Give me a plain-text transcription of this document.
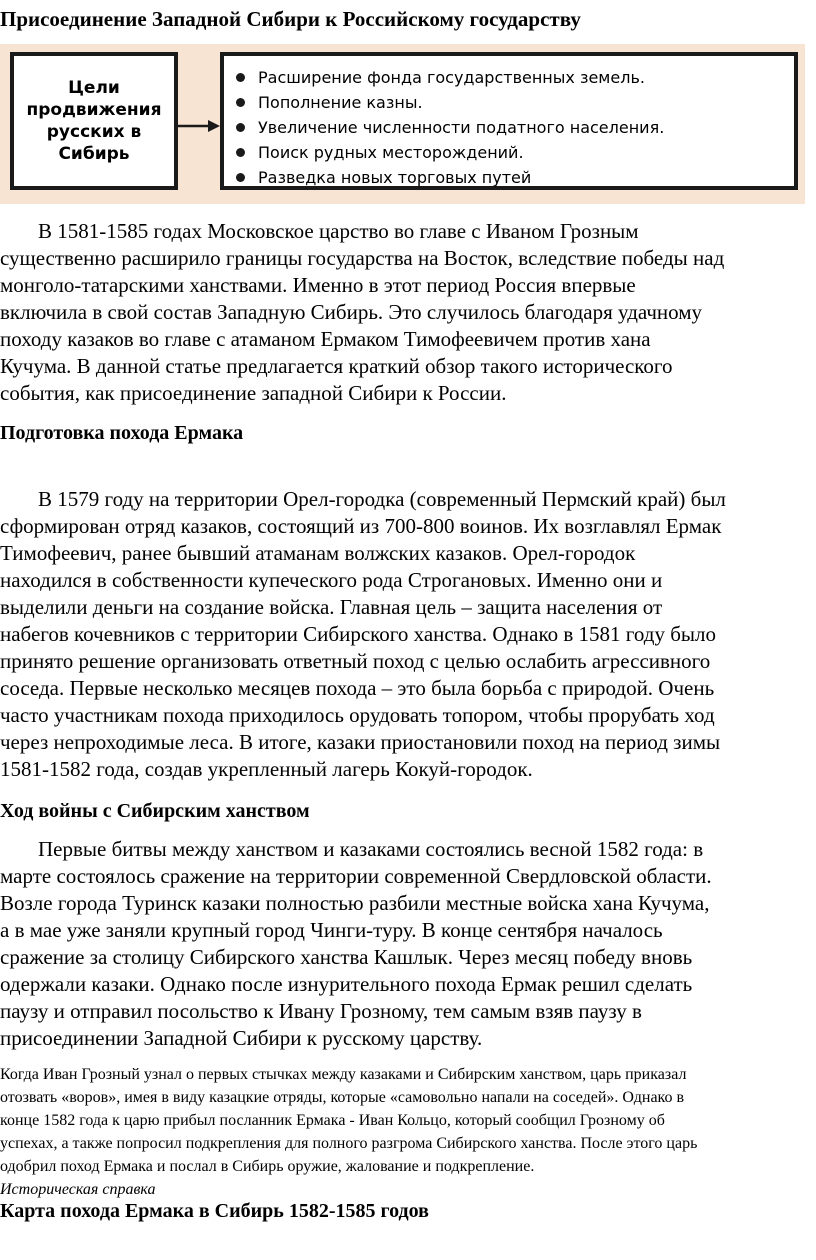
Присоединение Западной Сибири к Российскому государству
Цели продвижения русских в Сибирь
Расширение фонда государственных земель.
Пополнение казны.
Увеличение численности податного населения.
Поиск рудных месторождений.
Разведка новых торговых путей
В 1581-1585 годах Московское царство во главе с Иваном Грозным
существенно расширило границы государства на Восток, вследствие победы над
монголо-татарскими ханствами. Именно в этот период Россия впервые
включила в свой состав Западную Сибирь. Это случилось благодаря удачному
походу казаков во главе с атаманом Ермаком Тимофеевичем против хана
Кучума. В данной статье предлагается краткий обзор такого исторического
события, как присоединение западной Сибири к России.
Подготовка похода Ермака
В 1579 году на территории Орел-городка (современный Пермский край) был
сформирован отряд казаков, состоящий из 700-800 воинов. Их возглавлял Ермак
Тимофеевич, ранее бывший атаманам волжских казаков. Орел-городок
находился в собственности купеческого рода Строгановых. Именно они и
выделили деньги на создание войска. Главная цель – защита населения от
набегов кочевников с территории Сибирского ханства. Однако в 1581 году было
принято решение организовать ответный поход с целью ослабить агрессивного
соседа. Первые несколько месяцев похода – это была борьба с природой. Очень
часто участникам похода приходилось орудовать топором, чтобы прорубать ход
через непроходимые леса. В итоге, казаки приостановили поход на период зимы
1581-1582 года, создав укрепленный лагерь Кокуй-городок.
Ход войны с Сибирским ханством
Первые битвы между ханством и казаками состоялись весной 1582 года: в
марте состоялось сражение на территории современной Свердловской области.
Возле города Туринск казаки полностью разбили местные войска хана Кучума,
а в мае уже заняли крупный город Чинги-туру. В конце сентября началось
сражение за столицу Сибирского ханства Кашлык. Через месяц победу вновь
одержали казаки. Однако после изнурительного похода Ермак решил сделать
паузу и отправил посольство к Ивану Грозному, тем самым взяв паузу в
присоединении Западной Сибири к русскому царству.
Когда Иван Грозный узнал о первых стычках между казаками и Сибирским ханством, царь приказал
отозвать «воров», имея в виду казацкие отряды, которые «самовольно напали на соседей». Однако в
конце 1582 года к царю прибыл посланник Ермака - Иван Кольцо, который сообщил Грозному об
успехах, а также попросил подкрепления для полного разгрома Сибирского ханства. После этого царь
одобрил поход Ермака и послал в Сибирь оружие, жалование и подкрепление.
Историческая справка
Карта похода Ермака в Сибирь 1582-1585 годов
